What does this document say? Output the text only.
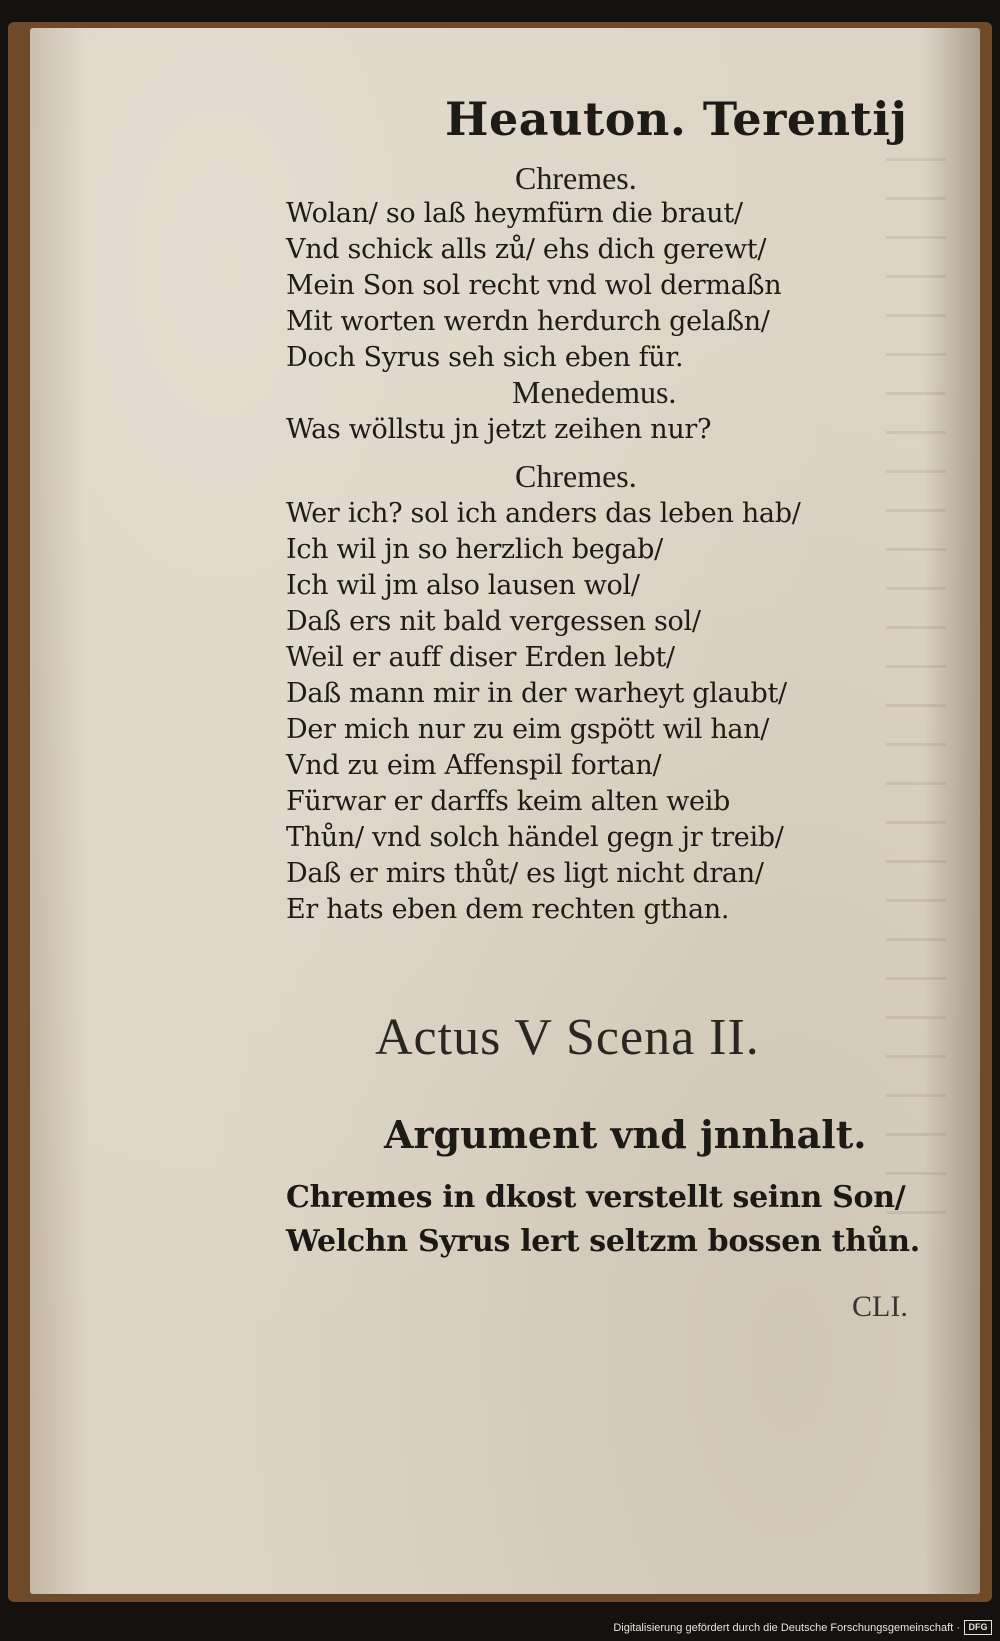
Heauton. Terentij
Chremes.
Wolan/ so laß heymfürn die braut/
Vnd schick alls zů/ ehs dich gerewt/
Mein Son sol recht vnd wol dermaßn
Mit worten werdn herdurch gelaßn/
Doch Syrus seh sich eben für.
Menedemus.
Was wöllstu jn jetzt zeihen nur?
Chremes.
Wer ich? sol ich anders das leben hab/
Ich wil jn so herzlich begab/
Ich wil jm also lausen wol/
Daß ers nit bald vergessen sol/
Weil er auff diser Erden lebt/
Daß mann mir in der warheyt glaubt/
Der mich nur zu eim gspött wil han/
Vnd zu eim Affenspil fortan/
Fürwar er darffs keim alten weib
Thůn/ vnd solch händel gegn jr treib/
Daß er mirs thůt/ es ligt nicht dran/
Er hats eben dem rechten gthan.
Actus V Scena II.
Argument vnd jnnhalt.
Chremes in dkost verstellt seinn Son/
Welchn Syrus lert seltzm bossen thůn.
CLI.
Digitalisierung gefördert durch die Deutsche Forschungsgemeinschaft · DFG
